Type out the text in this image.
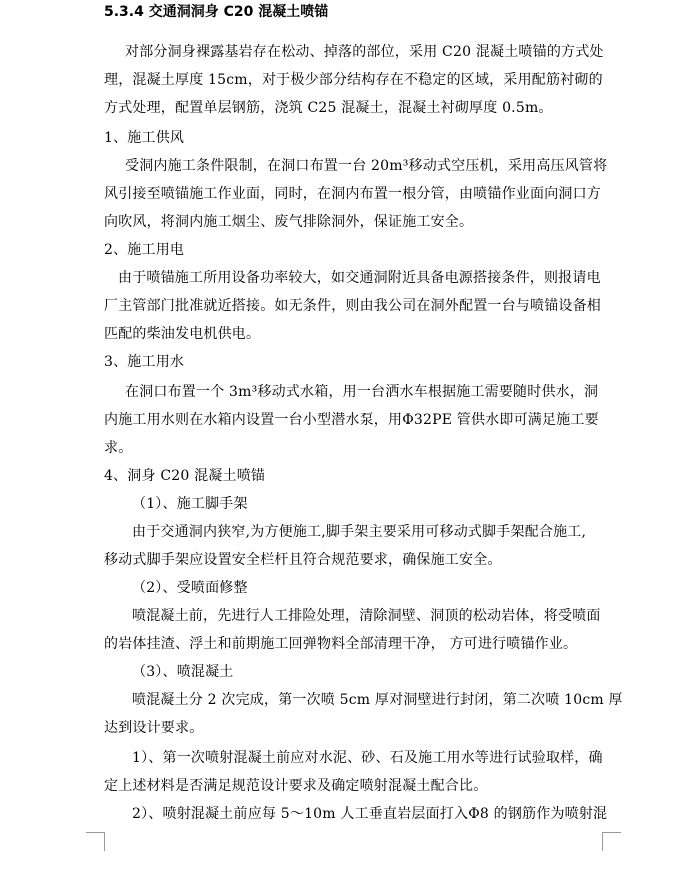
5.3.4 交通洞洞身 C20 混凝土喷锚
对部分洞身裸露基岩存在松动、掉落的部位，采用 C20 混凝土喷锚的方式处
理，混凝土厚度 15cm，对于极少部分结构存在不稳定的区域，采用配筋衬砌的
方式处理，配置单层钢筋，浇筑 C25 混凝土，混凝土衬砌厚度 0.5m。
1、施工供风
受洞内施工条件限制，在洞口布置一台 20m³移动式空压机，采用高压风管将
风引接至喷锚施工作业面，同时，在洞内布置一根分管，由喷锚作业面向洞口方
向吹风，将洞内施工烟尘、废气排除洞外，保证施工安全。
2、施工用电
由于喷锚施工所用设备功率较大，如交通洞附近具备电源搭接条件，则报请电
厂主管部门批准就近搭接。如无条件，则由我公司在洞外配置一台与喷锚设备相
匹配的柴油发电机供电。
3、施工用水
在洞口布置一个 3m³移动式水箱，用一台洒水车根据施工需要随时供水，洞
内施工用水则在水箱内设置一台小型潜水泵，用Φ32PE 管供水即可满足施工要
求。
4、洞身 C20 混凝土喷锚
（1）、施工脚手架
由于交通洞内狭窄,为方便施工,脚手架主要采用可移动式脚手架配合施工,
移动式脚手架应设置安全栏杆且符合规范要求，确保施工安全。
（2）、受喷面修整
喷混凝土前，先进行人工排险处理，清除洞壁、洞顶的松动岩体，将受喷面
的岩体挂渣、浮土和前期施工回弹物料全部清理干净， 方可进行喷锚作业。
（3）、喷混凝土
喷混凝土分 2 次完成，第一次喷 5cm 厚对洞壁进行封闭，第二次喷 10cm 厚
达到设计要求。
1）、第一次喷射混凝土前应对水泥、砂、石及施工用水等进行试验取样，确
定上述材料是否满足规范设计要求及确定喷射混凝土配合比。
2）、喷射混凝土前应每 5～10m 人工垂直岩层面打入Φ8 的钢筋作为喷射混
